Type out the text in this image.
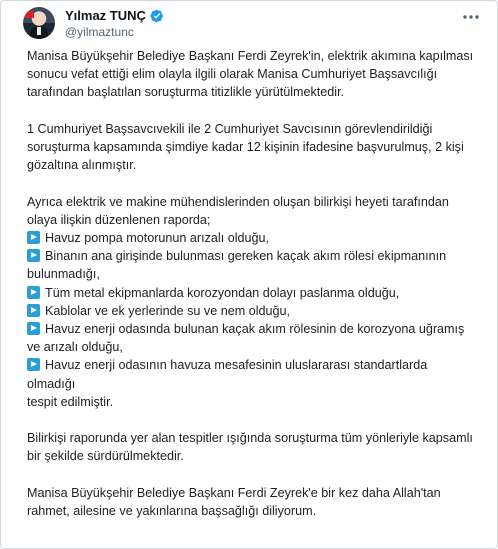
Yılmaz TUNÇ
@yilmaztunc

Manisa Büyükşehir Belediye Başkanı Ferdi Zeyrek'in, elektrik akımına kapılması sonucu vefat ettiği elim olayla ilgili olarak Manisa Cumhuriyet Başsavcılığı tarafından başlatılan soruşturma titizlikle yürütülmektedir.

1 Cumhuriyet Başsavcıvekili ile 2 Cumhuriyet Savcısının görevlendirildiği soruşturma kapsamında şimdiye kadar 12 kişinin ifadesine başvurulmuş, 2 kişi gözaltına alınmıştır.

Ayrıca elektrik ve makine mühendislerinden oluşan bilirkişi heyeti tarafından olaya ilişkin düzenlenen raporda;

Havuz pompa motorunun arızalı olduğu,
Binanın ana girişinde bulunması gereken kaçak akım rölesi ekipmanının bulunmadığı,
Tüm metal ekipmanlarda korozyondan dolayı paslanma olduğu,
Kablolar ve ek yerlerinde su ve nem olduğu,
Havuz enerji odasında bulunan kaçak akım rölesinin de korozyona uğramış ve arızalı olduğu,
Havuz enerji odasının havuza mesafesinin uluslararası standartlarda olmadığı

tespit edilmiştir.

Bilirkişi raporunda yer alan tespitler ışığında soruşturma tüm yönleriyle kapsamlı bir şekilde sürdürülmektedir.

Manisa Büyükşehir Belediye Başkanı Ferdi Zeyrek'e bir kez daha Allah'tan rahmet, ailesine ve yakınlarına başsağlığı diliyorum.
